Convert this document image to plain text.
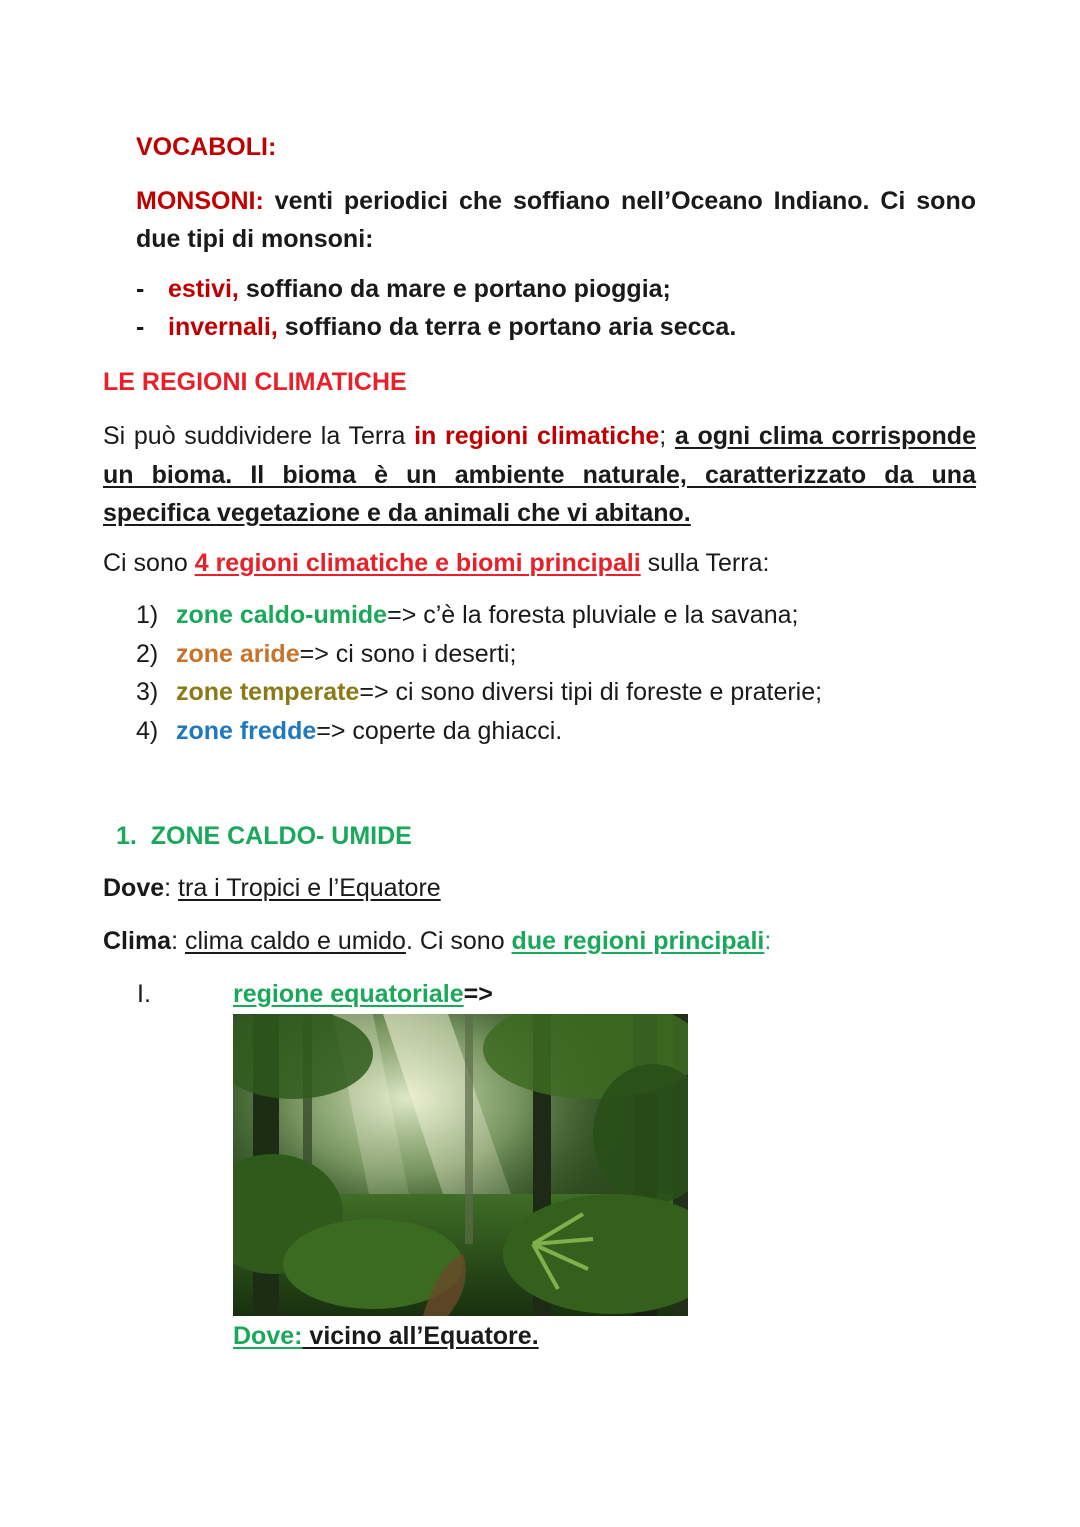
VOCABOLI:
MONSONI: venti periodici che soffiano nell’Oceano Indiano. Ci sono due tipi di monsoni:
- estivi, soffiano da mare e portano pioggia;
- invernali, soffiano da terra e portano aria secca.
LE REGIONI CLIMATICHE
Si può suddividere la Terra in regioni climatiche; a ogni clima corrisponde un bioma. Il bioma è un ambiente naturale, caratterizzato da una specifica vegetazione e da animali che vi abitano.
Ci sono 4 regioni climatiche e biomi principali sulla Terra:
1) zone caldo-umide=> c’è la foresta pluviale e la savana;
2) zone aride=> ci sono i deserti;
3) zone temperate=> ci sono diversi tipi di foreste e praterie;
4) zone fredde=> coperte da ghiacci.
1.  ZONE CALDO- UMIDE
Dove: tra i Tropici e l’Equatore
Clima: clima caldo e umido. Ci sono due regioni principali:
I.	regione equatoriale=>
Dove: vicino all’Equatore.
